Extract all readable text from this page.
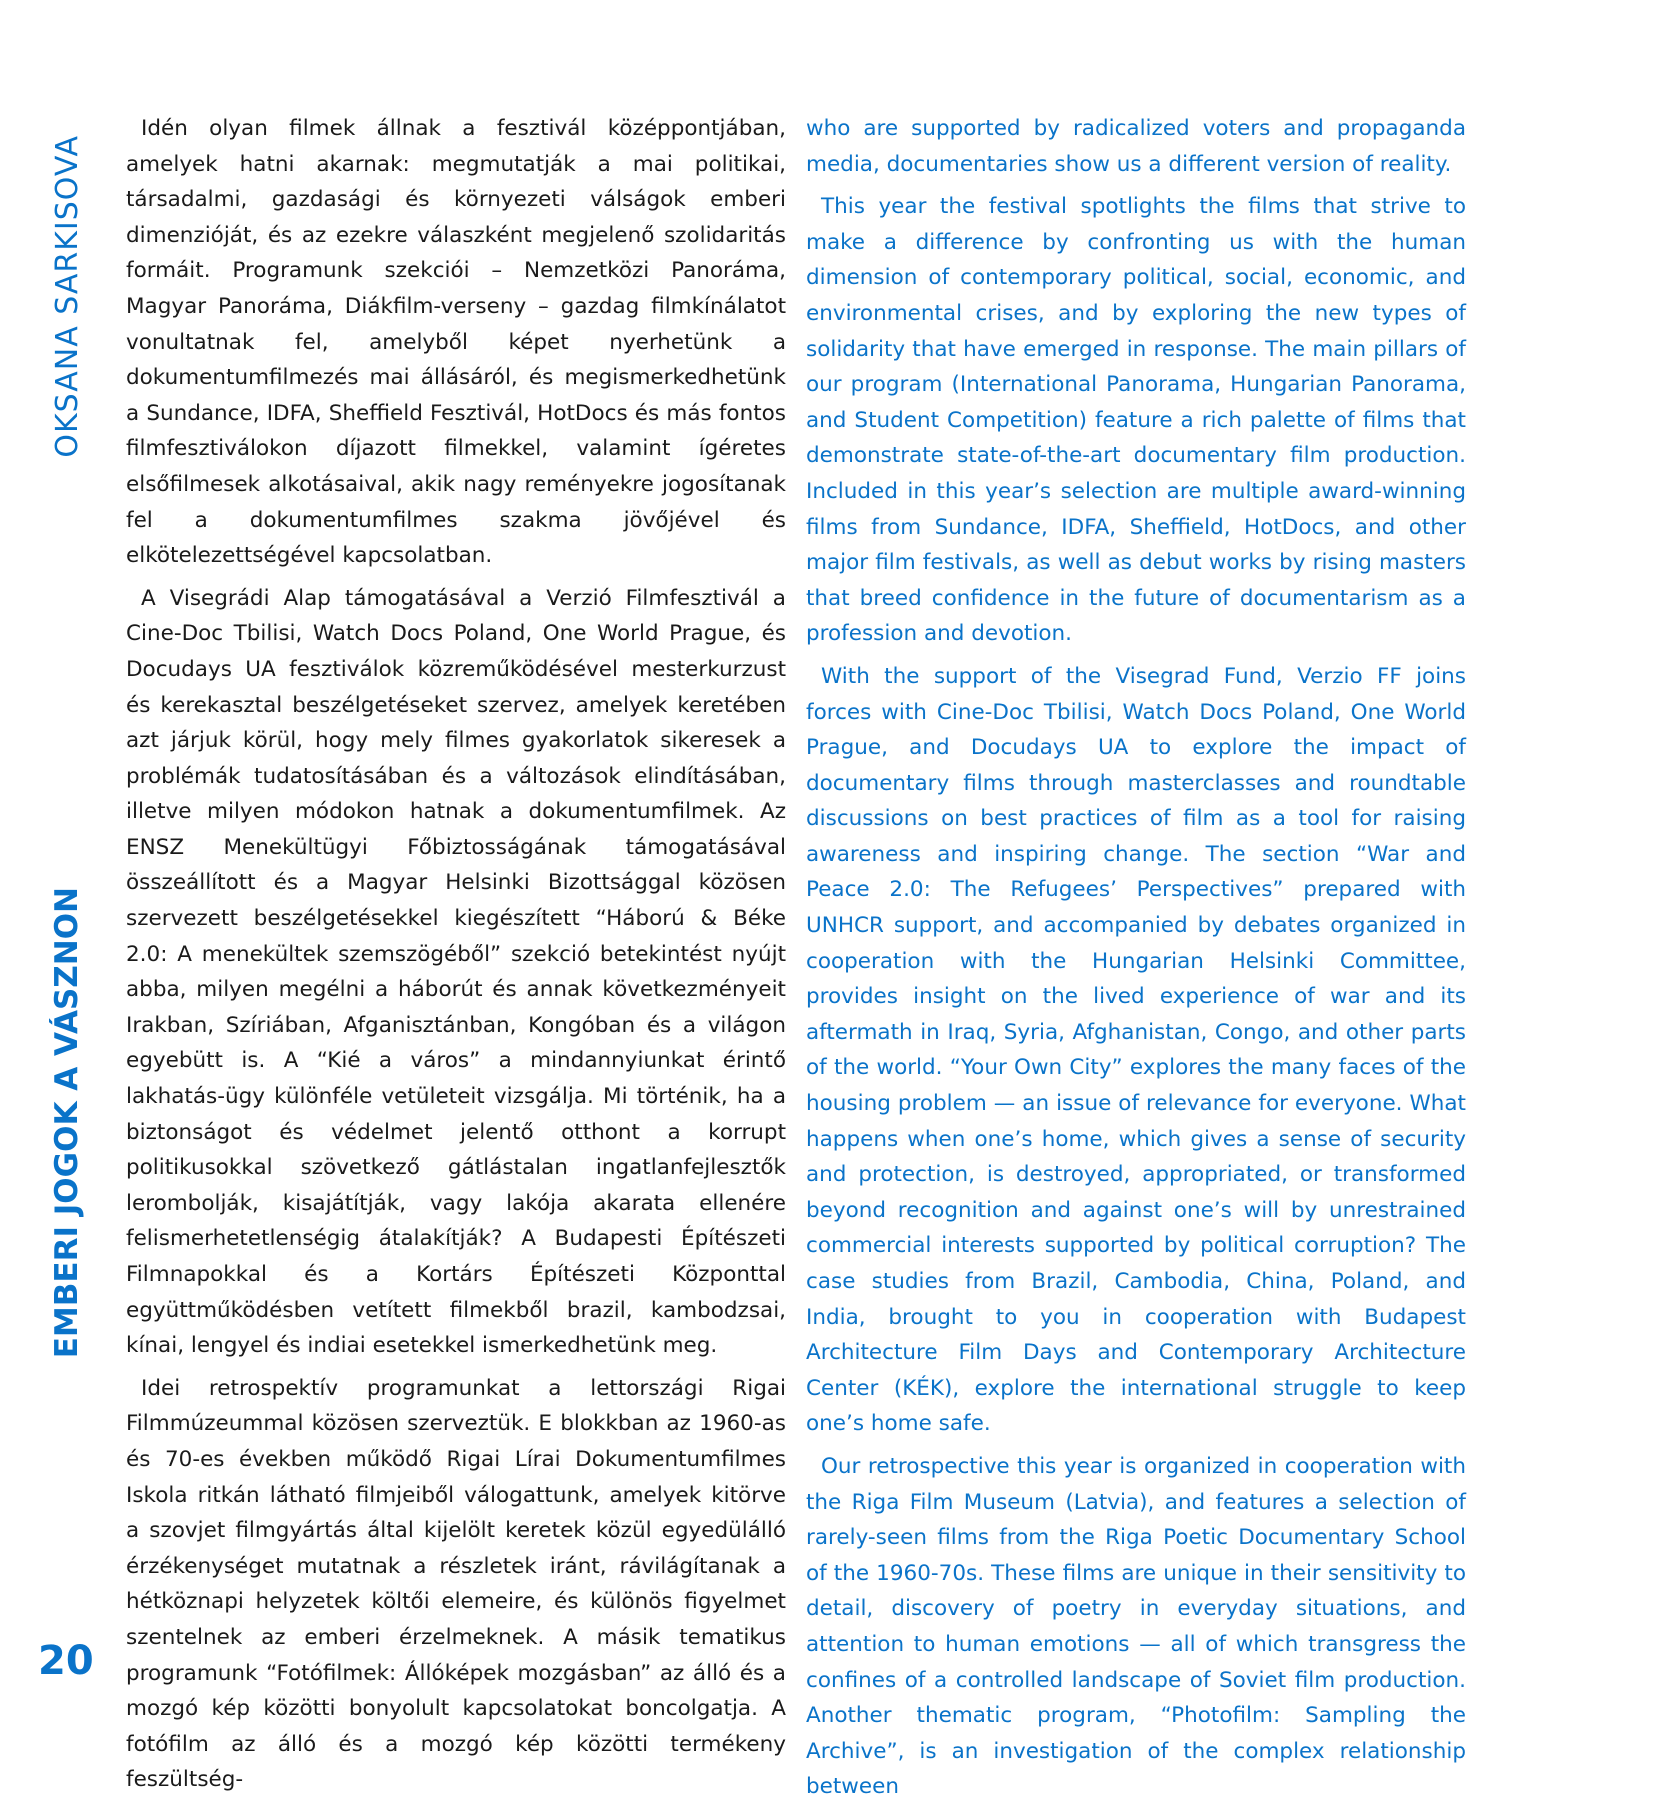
OKSANA SARKISOVA
EMBERI JOGOK A VÁSZNON
20

Idén olyan filmek állnak a fesztivál középpontjában, amelyek hatni akarnak: megmutatják a mai politikai, társadalmi, gazdasági és környezeti válságok emberi dimenzióját, és az ezekre válaszként megjelenő szolidaritás formáit. Programunk szekciói – Nemzetközi Panoráma, Magyar Panoráma, Diákfilm-verseny – gazdag filmkínálatot vonultatnak fel, amelyből képet nyerhetünk a dokumentumfilmezés mai állásáról, és megismerkedhetünk a Sundance, IDFA, Sheffield Fesztivál, HotDocs és más fontos filmfesztiválokon díjazott filmekkel, valamint ígéretes elsőfilmesek alkotásaival, akik nagy reményekre jogosítanak fel a dokumentumfilmes szakma jövőjével és elkötelezettségével kapcsolatban.

A Visegrádi Alap támogatásával a Verzió Filmfesztivál a Cine-Doc Tbilisi, Watch Docs Poland, One World Prague, és Docudays UA fesztiválok közreműködésével mesterkurzust és kerekasztal beszélgetéseket szervez, amelyek keretében azt járjuk körül, hogy mely filmes gyakorlatok sikeresek a problémák tudatosításában és a változások elindításában, illetve milyen módokon hatnak a dokumentumfilmek. Az ENSZ Menekültügyi Főbiztosságának támogatásával összeállított és a Magyar Helsinki Bizottsággal közösen szervezett beszélgetésekkel kiegészített “Háború & Béke 2.0: A menekültek szemszögéből” szekció betekintést nyújt abba, milyen megélni a háborút és annak következményeit Irakban, Szíriában, Afganisztánban, Kongóban és a világon egyebütt is. A “Kié a város” a mindannyiunkat érintő lakhatás-ügy különféle vetületeit vizsgálja. Mi történik, ha a biztonságot és védelmet jelentő otthont a korrupt politikusokkal szövetkező gátlástalan ingatlanfejlesztők lerombolják, kisajátítják, vagy lakója akarata ellenére felismerhetetlenségig átalakítják? A Budapesti Építészeti Filmnapokkal és a Kortárs Építészeti Központtal együttműködésben vetített filmekből brazil, kambodzsai, kínai, lengyel és indiai esetekkel ismerkedhetünk meg.

Idei retrospektív programunkat a lettországi Rigai Filmmúzeummal közösen szerveztük. E blokkban az 1960-as és 70-es években működő Rigai Lírai Dokumentumfilmes Iskola ritkán látható filmjeiből válogattunk, amelyek kitörve a szovjet filmgyártás által kijelölt keretek közül egyedülálló érzékenységet mutatnak a részletek iránt, rávilágítanak a hétköznapi helyzetek költői elemeire, és különös figyelmet szentelnek az emberi érzelmeknek. A másik tematikus programunk “Fotófilmek: Állóképek mozgásban” az álló és a mozgó kép közötti bonyolult kapcsolatokat boncolgatja. A fotófilm az álló és a mozgó kép közötti termékeny feszültség-

who are supported by radicalized voters and propaganda media, documentaries show us a different version of reality.

This year the festival spotlights the films that strive to make a difference by confronting us with the human dimension of contemporary political, social, economic, and environmental crises, and by exploring the new types of solidarity that have emerged in response. The main pillars of our program (International Panorama, Hungarian Panorama, and Student Competition) feature a rich palette of films that demonstrate state-of-the-art documentary film production. Included in this year’s selection are multiple award-winning films from Sundance, IDFA, Sheffield, HotDocs, and other major film festivals, as well as debut works by rising masters that breed confidence in the future of documentarism as a profession and devotion.

With the support of the Visegrad Fund, Verzio FF joins forces with Cine-Doc Tbilisi, Watch Docs Poland, One World Prague, and Docudays UA to explore the impact of documentary films through masterclasses and roundtable discussions on best practices of film as a tool for raising awareness and inspiring change. The section “War and Peace 2.0: The Refugees’ Perspectives” prepared with UNHCR support, and accompanied by debates organized in cooperation with the Hungarian Helsinki Committee, provides insight on the lived experience of war and its aftermath in Iraq, Syria, Afghanistan, Congo, and other parts of the world. “Your Own City” explores the many faces of the housing problem — an issue of relevance for everyone. What happens when one’s home, which gives a sense of security and protection, is destroyed, appropriated, or transformed beyond recognition and against one’s will by unrestrained commercial interests supported by political corruption? The case studies from Brazil, Cambodia, China, Poland, and India, brought to you in cooperation with Budapest Architecture Film Days and Contemporary Architecture Center (KÉK), explore the international struggle to keep one’s home safe.

Our retrospective this year is organized in cooperation with the Riga Film Museum (Latvia), and features a selection of rarely-seen films from the Riga Poetic Documentary School of the 1960-70s. These films are unique in their sensitivity to detail, discovery of poetry in everyday situations, and attention to human emotions — all of which transgress the confines of a controlled landscape of Soviet film production. Another thematic program, “Photofilm: Sampling the Archive”, is an investigation of the complex relationship between
